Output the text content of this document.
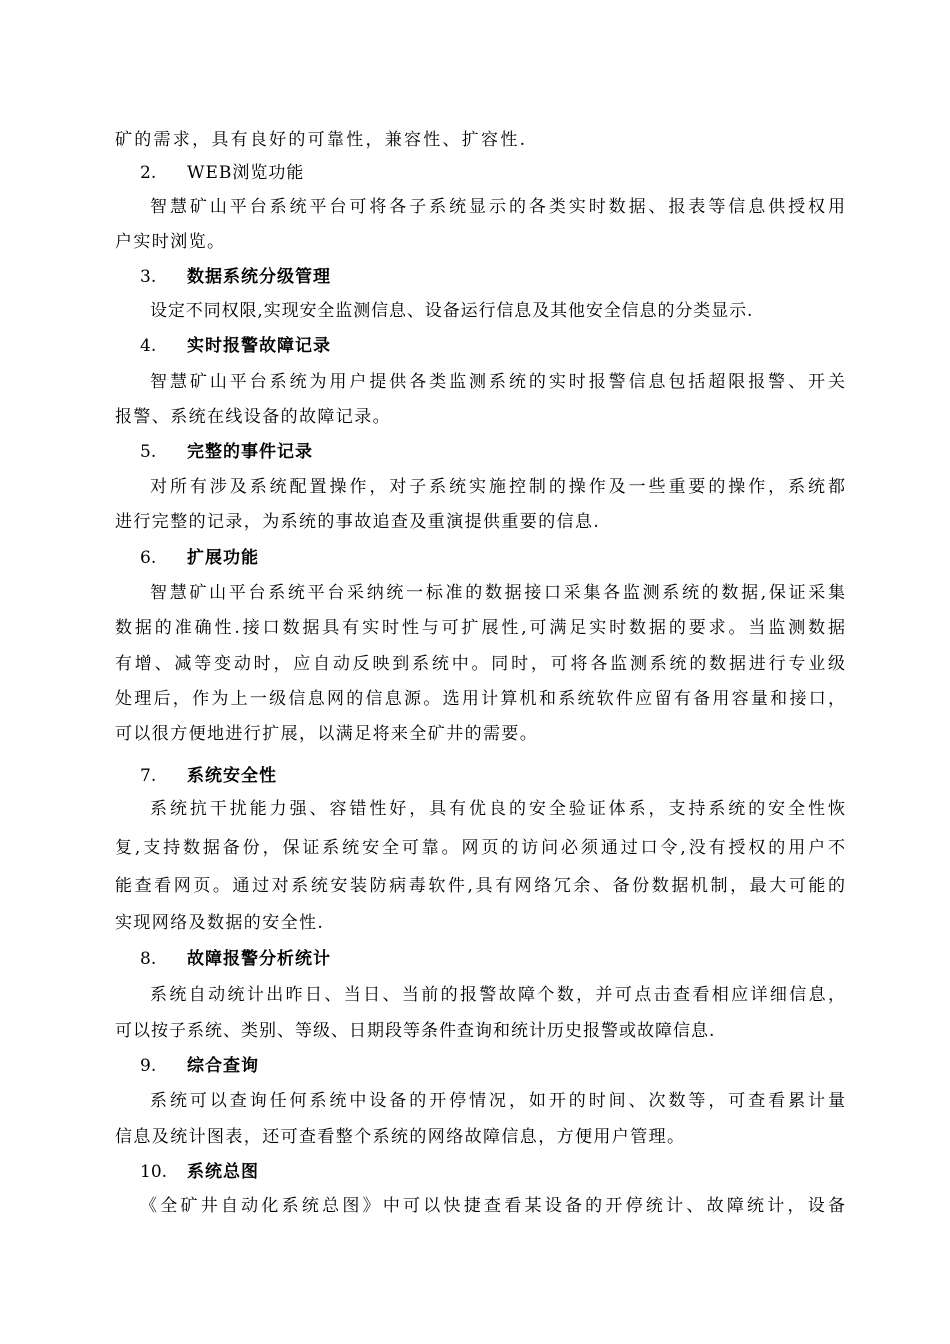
矿的需求，具有良好的可靠性，兼容性、扩容性.
2. WEB浏览功能
智慧矿山平台系统平台可将各子系统显示的各类实时数据、报表等信息供授权用
户实时浏览。
3. 数据系统分级管理
设定不同权限,实现安全监测信息、设备运行信息及其他安全信息的分类显示.
4. 实时报警故障记录
智慧矿山平台系统为用户提供各类监测系统的实时报警信息包括超限报警、开关
报警、系统在线设备的故障记录。
5. 完整的事件记录
对所有涉及系统配置操作，对子系统实施控制的操作及一些重要的操作，系统都
进行完整的记录，为系统的事故追查及重演提供重要的信息.
6. 扩展功能
智慧矿山平台系统平台采纳统一标准的数据接口采集各监测系统的数据,保证采集
数据的准确性.接口数据具有实时性与可扩展性,可满足实时数据的要求。当监测数据
有增、减等变动时，应自动反映到系统中。同时，可将各监测系统的数据进行专业级
处理后，作为上一级信息网的信息源。选用计算机和系统软件应留有备用容量和接口，
可以很方便地进行扩展，以满足将来全矿井的需要。
7. 系统安全性
系统抗干扰能力强、容错性好，具有优良的安全验证体系，支持系统的安全性恢
复,支持数据备份，保证系统安全可靠。网页的访问必须通过口令,没有授权的用户不
能查看网页。通过对系统安装防病毒软件,具有网络冗余、备份数据机制，最大可能的
实现网络及数据的安全性.
8. 故障报警分析统计
系统自动统计出昨日、当日、当前的报警故障个数，并可点击查看相应详细信息，
可以按子系统、类别、等级、日期段等条件查询和统计历史报警或故障信息.
9. 综合查询
系统可以查询任何系统中设备的开停情况，如开的时间、次数等，可查看累计量
信息及统计图表，还可查看整个系统的网络故障信息，方便用户管理。
10. 系统总图
《全矿井自动化系统总图》中可以快捷查看某设备的开停统计、故障统计，设备
